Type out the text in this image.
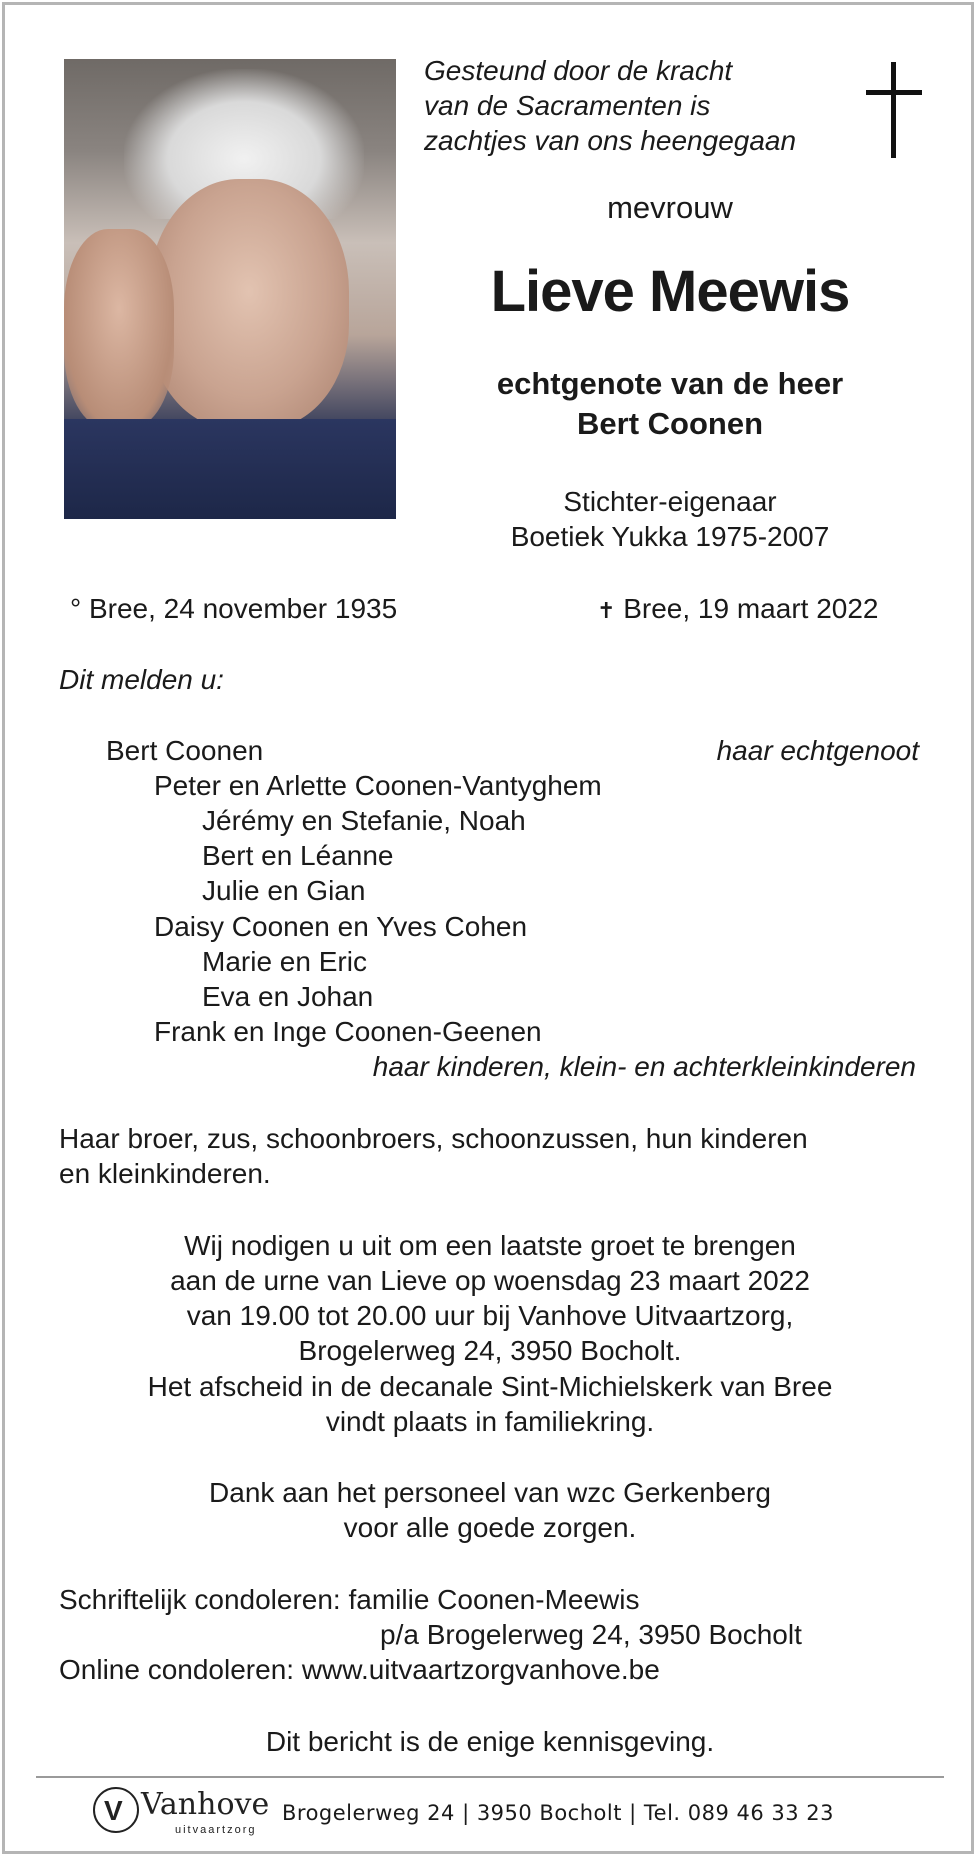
Gesteund door de kracht
van de Sacramenten is
zachtjes van ons heengegaan
mevrouw
Lieve Meewis
echtgenote van de heer
Bert Coonen
Stichter-eigenaar
Boetiek Yukka 1975-2007
° Bree, 24 november 1935	✝ Bree, 19 maart 2022
Dit melden u:
Bert Coonen	haar echtgenoot
Peter en Arlette Coonen-Vantyghem
Jérémy en Stefanie, Noah
Bert en Léanne
Julie en Gian
Daisy Coonen en Yves Cohen
Marie en Eric
Eva en Johan
Frank en Inge Coonen-Geenen
haar kinderen, klein- en achterkleinkinderen
Haar broer, zus, schoonbroers, schoonzussen, hun kinderen
en kleinkinderen.
Wij nodigen u uit om een laatste groet te brengen
aan de urne van Lieve op woensdag 23 maart 2022
van 19.00 tot 20.00 uur bij Vanhove Uitvaartzorg,
Brogelerweg 24, 3950 Bocholt.
Het afscheid in de decanale Sint-Michielskerk van Bree
vindt plaats in familiekring.
Dank aan het personeel van wzc Gerkenberg
voor alle goede zorgen.
Schriftelijk condoleren: familie Coonen-Meewis
p/a Brogelerweg 24, 3950 Bocholt
Online condoleren: www.uitvaartzorgvanhove.be
Dit bericht is de enige kennisgeving.
V Vanhove
uitvaartzorg
Brogelerweg 24 | 3950 Bocholt | Tel. 089 46 33 23
